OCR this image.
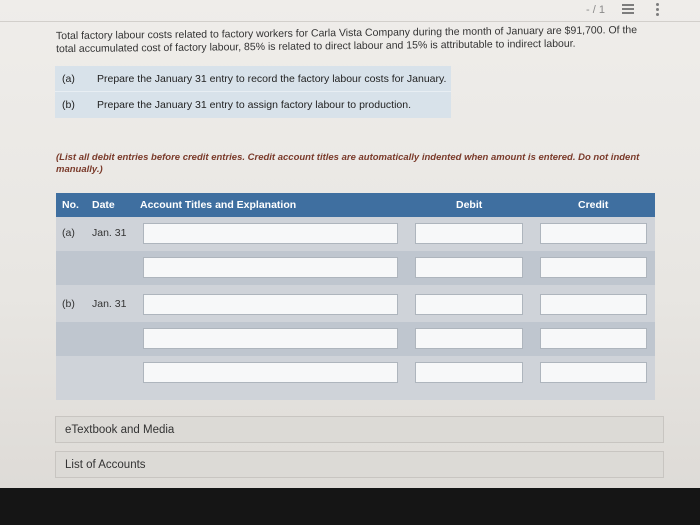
- / 1

Total factory labour costs related to factory workers for Carla Vista Company during the month of January are $91,700. Of the total accumulated cost of factory labour, 85% is related to direct labour and 15% is attributable to indirect labour.

(a)	Prepare the January 31 entry to record the factory labour costs for January.
(b)	Prepare the January 31 entry to assign factory labour to production.

(List all debit entries before credit entries. Credit account titles are automatically indented when amount is entered. Do not indent manually.)

No. Date Account Titles and Explanation	Debit	Credit
(a) Jan. 31
(b) Jan. 31
eTextbook and Media
List of Accounts
